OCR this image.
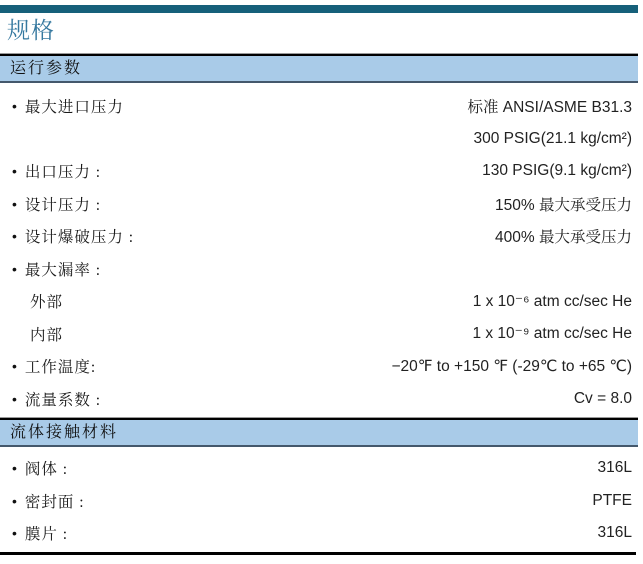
规格
运行参数
• 最大进口压力	标准 ANSI/ASME B31.3
300 PSIG(21.1 kg/cm²)
• 出口压力 :	130 PSIG(9.1 kg/cm²)
• 设计压力 :	150% 最大承受压力
• 设计爆破压力 :	400% 最大承受压力
• 最大漏率 :
外部	1 x 10⁻⁶ atm cc/sec He
内部	1 x 10⁻⁹ atm cc/sec He
• 工作温度:	−20℉ to +150 ℉ (-29℃ to +65 ℃)
• 流量系数 :	Cv = 8.0
流体接触材料
• 阀体 :	316L
• 密封面 :	PTFE
• 膜片 :	316L
